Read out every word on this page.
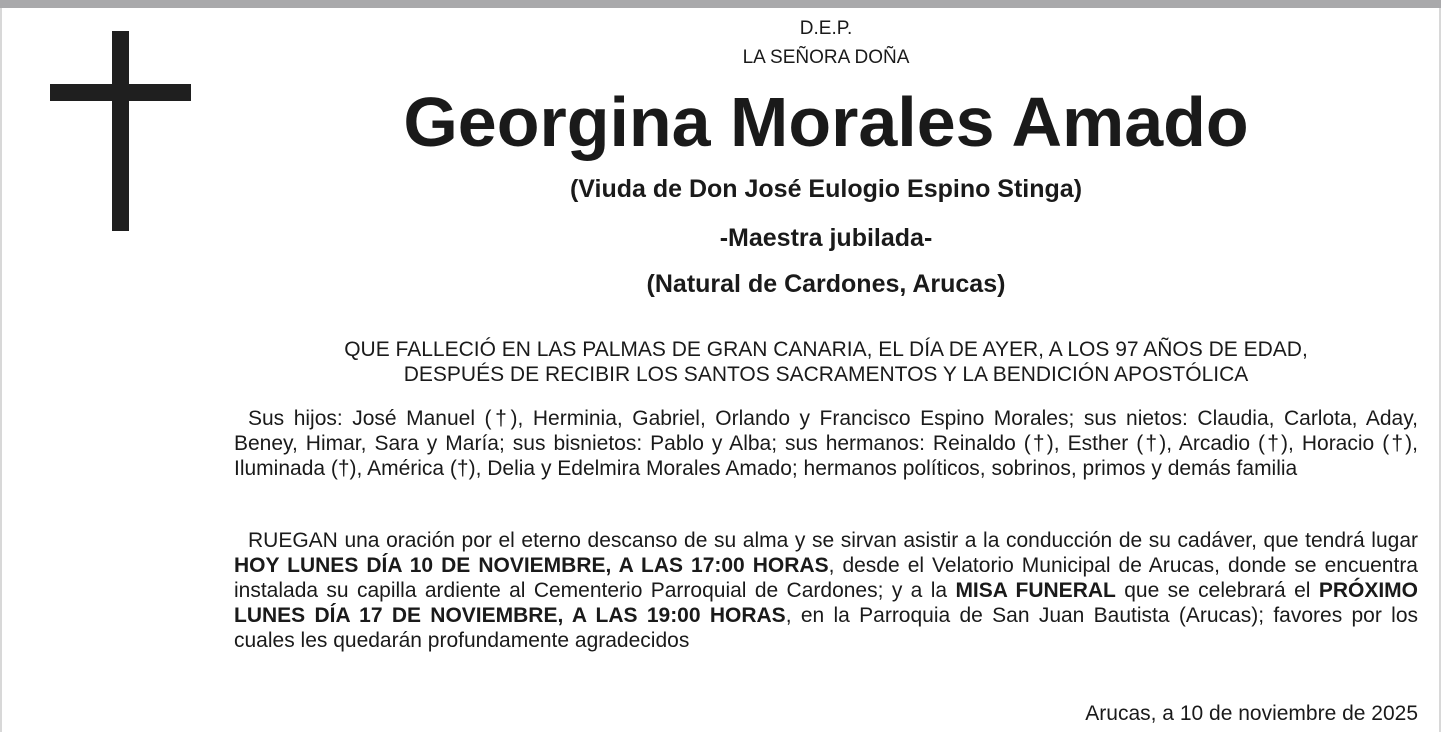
D.E.P.
LA SEÑORA DOÑA
Georgina Morales Amado
(Viuda de Don José Eulogio Espino Stinga)
-Maestra jubilada-
(Natural de Cardones, Arucas)
QUE FALLECIÓ EN LAS PALMAS DE GRAN CANARIA, EL DÍA DE AYER, A LOS 97 AÑOS DE EDAD,
DESPUÉS DE RECIBIR LOS SANTOS SACRAMENTOS Y LA BENDICIÓN APOSTÓLICA
Sus hijos: José Manuel (†), Herminia, Gabriel, Orlando y Francisco Espino Morales; sus nietos: Claudia, Carlota, Aday, Beney, Himar, Sara y María; sus bisnietos: Pablo y Alba; sus hermanos: Reinaldo (†), Esther (†), Arcadio (†), Horacio (†), Iluminada (†), América (†), Delia y Edelmira Morales Amado; hermanos políticos, sobrinos, primos y demás familia
RUEGAN una oración por el eterno descanso de su alma y se sirvan asistir a la conducción de su cadáver, que tendrá lugar HOY LUNES DÍA 10 DE NOVIEMBRE, A LAS 17:00 HORAS, desde el Velatorio Municipal de Arucas, donde se encuentra instalada su capilla ardiente al Cementerio Parroquial de Cardones; y a la MISA FUNERAL que se celebrará el PRÓXIMO LUNES DÍA 17 DE NOVIEMBRE, A LAS 19:00 HORAS, en la Parroquia de San Juan Bautista (Arucas); favores por los cuales les quedarán profundamente agradecidos
Arucas, a 10 de noviembre de 2025
